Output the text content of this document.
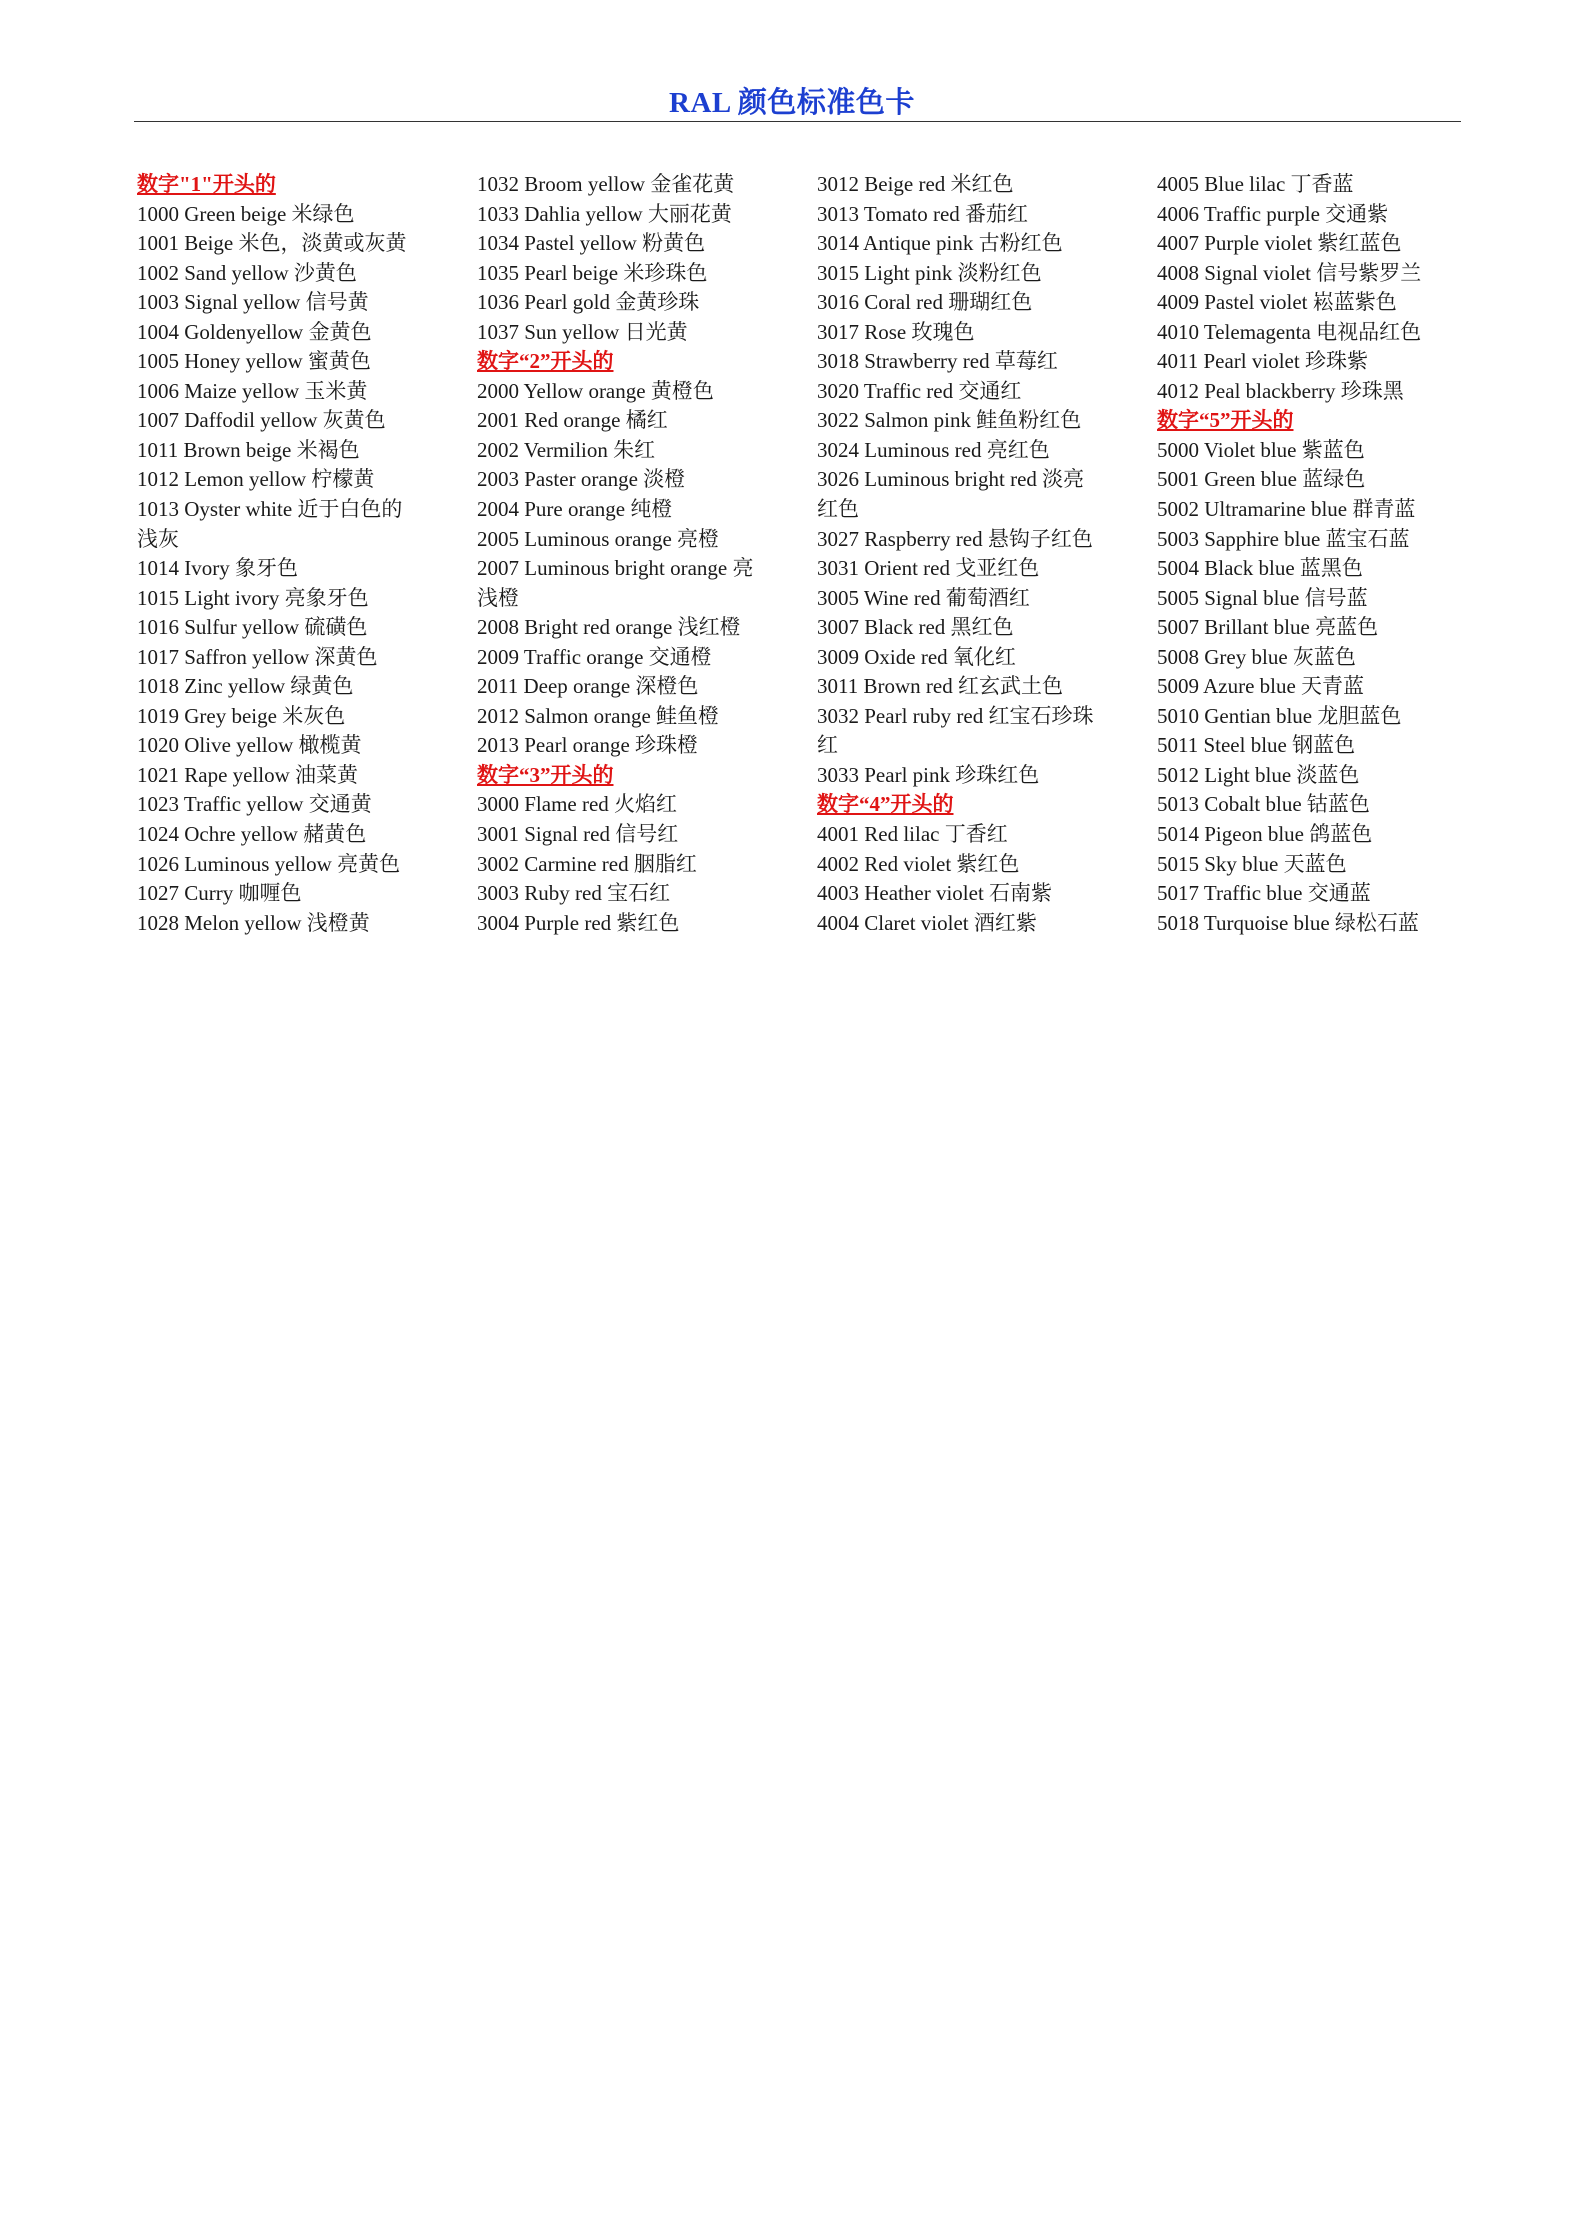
RAL 颜色标准色卡
数字"1"开头的
1000 Green beige 米绿色
1001 Beige 米色，淡黄或灰黄
1002 Sand yellow 沙黄色
1003 Signal yellow 信号黄
1004 Goldenyellow 金黄色
1005 Honey yellow 蜜黄色
1006 Maize yellow 玉米黄
1007 Daffodil yellow 灰黄色
1011 Brown beige 米褐色
1012 Lemon yellow 柠檬黄
1013 Oyster white 近于白色的
浅灰
1014 Ivory 象牙色
1015 Light ivory 亮象牙色
1016 Sulfur yellow 硫磺色
1017 Saffron yellow 深黄色
1018 Zinc yellow 绿黄色
1019 Grey beige 米灰色
1020 Olive yellow 橄榄黄
1021 Rape yellow 油菜黄
1023 Traffic yellow 交通黄
1024 Ochre yellow 赭黄色
1026 Luminous yellow 亮黄色
1027 Curry 咖喱色
1028 Melon yellow 浅橙黄
1032 Broom yellow 金雀花黄
1033 Dahlia yellow 大丽花黄
1034 Pastel yellow 粉黄色
1035 Pearl beige 米珍珠色
1036 Pearl gold 金黄珍珠
1037 Sun yellow 日光黄
数字“2”开头的
2000 Yellow orange 黄橙色
2001 Red orange 橘红
2002 Vermilion 朱红
2003 Paster orange 淡橙
2004 Pure orange 纯橙
2005 Luminous orange 亮橙
2007 Luminous bright orange 亮
浅橙
2008 Bright red orange 浅红橙
2009 Traffic orange 交通橙
2011 Deep orange 深橙色
2012 Salmon orange 鲑鱼橙
2013 Pearl orange 珍珠橙
数字“3”开头的
3000 Flame red 火焰红
3001 Signal red 信号红
3002 Carmine red 胭脂红
3003 Ruby red 宝石红
3004 Purple red 紫红色
3012 Beige red 米红色
3013 Tomato red 番茄红
3014 Antique pink 古粉红色
3015 Light pink 淡粉红色
3016 Coral red 珊瑚红色
3017 Rose 玫瑰色
3018 Strawberry red 草莓红
3020 Traffic red 交通红
3022 Salmon pink 鲑鱼粉红色
3024 Luminous red 亮红色
3026 Luminous bright red 淡亮
红色
3027 Raspberry red 悬钩子红色
3031 Orient red 戈亚红色
3005 Wine red 葡萄酒红
3007 Black red 黑红色
3009 Oxide red 氧化红
3011 Brown red 红玄武土色
3032 Pearl ruby red 红宝石珍珠
红
3033 Pearl pink 珍珠红色
数字“4”开头的
4001 Red lilac 丁香红
4002 Red violet 紫红色
4003 Heather violet 石南紫
4004 Claret violet 酒红紫
4005 Blue lilac 丁香蓝
4006 Traffic purple 交通紫
4007 Purple violet 紫红蓝色
4008 Signal violet 信号紫罗兰
4009 Pastel violet 崧蓝紫色
4010 Telemagenta 电视品红色
4011 Pearl violet 珍珠紫
4012 Peal blackberry 珍珠黑
数字“5”开头的
5000 Violet blue 紫蓝色
5001 Green blue 蓝绿色
5002 Ultramarine blue 群青蓝
5003 Sapphire blue 蓝宝石蓝
5004 Black blue 蓝黑色
5005 Signal blue 信号蓝
5007 Brillant blue 亮蓝色
5008 Grey blue 灰蓝色
5009 Azure blue 天青蓝
5010 Gentian blue 龙胆蓝色
5011 Steel blue 钢蓝色
5012 Light blue 淡蓝色
5013 Cobalt blue 钴蓝色
5014 Pigeon blue 鸽蓝色
5015 Sky blue 天蓝色
5017 Traffic blue 交通蓝
5018 Turquoise blue 绿松石蓝
